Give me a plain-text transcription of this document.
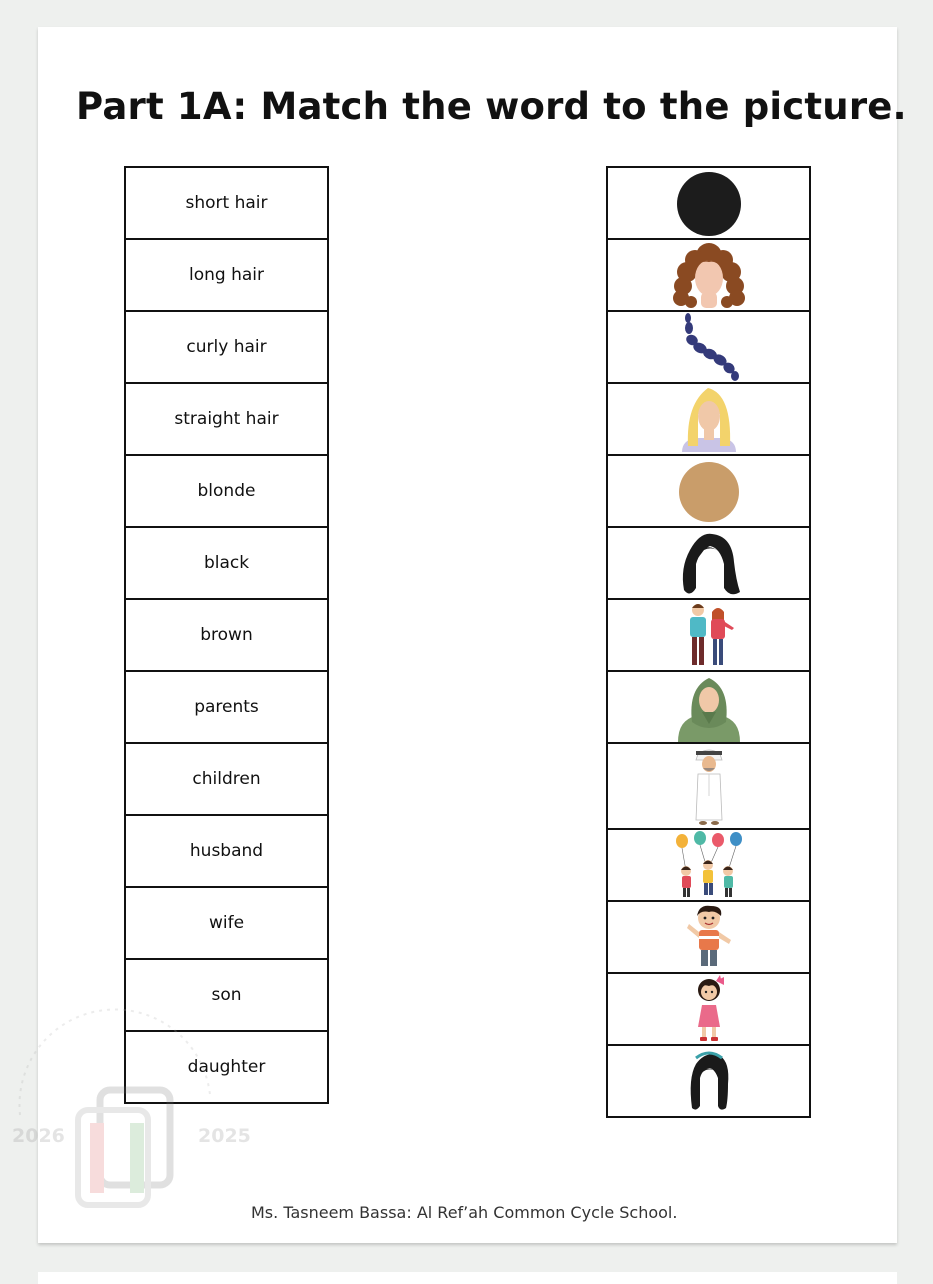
Part 1A: Match the word to the picture.
short hair
long hair
curly hair
straight hair
blonde
black
brown
parents
children
husband
wife
son
daughter
Ms. Tasneem Bassa: Al Ref’ah Common Cycle School.
2026	2025
